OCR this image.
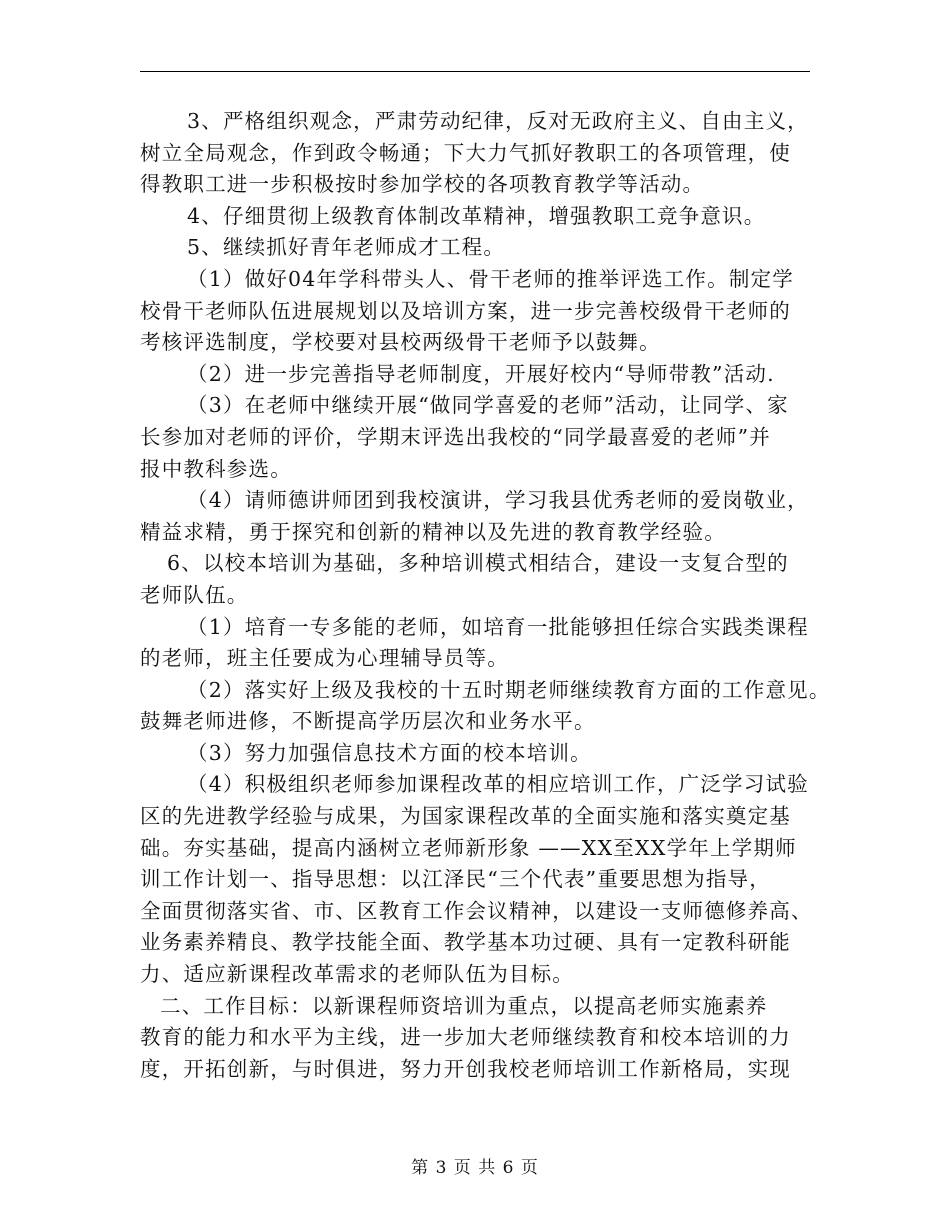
3、严格组织观念，严肃劳动纪律，反对无政府主义、自由主义，
树立全局观念，作到政令畅通；下大力气抓好教职工的各项管理，使
得教职工进一步积极按时参加学校的各项教育教学等活动。
4、仔细贯彻上级教育体制改革精神，增强教职工竞争意识。
5、继续抓好青年老师成才工程。
（1）做好04年学科带头人、骨干老师的推举评选工作。制定学
校骨干老师队伍进展规划以及培训方案，进一步完善校级骨干老师的
考核评选制度，学校要对县校两级骨干老师予以鼓舞。
（2）进一步完善指导老师制度，开展好校内“导师带教”活动.
（3）在老师中继续开展“做同学喜爱的老师”活动，让同学、家
长参加对老师的评价，学期末评选出我校的“同学最喜爱的老师”并
报中教科参选。
（4）请师德讲师团到我校演讲，学习我县优秀老师的爱岗敬业，
精益求精，勇于探究和创新的精神以及先进的教育教学经验。
6、以校本培训为基础，多种培训模式相结合，建设一支复合型的
老师队伍。
（1）培育一专多能的老师，如培育一批能够担任综合实践类课程
的老师，班主任要成为心理辅导员等。
（2）落实好上级及我校的十五时期老师继续教育方面的工作意见。
鼓舞老师进修，不断提高学历层次和业务水平。
（3）努力加强信息技术方面的校本培训。
（4）积极组织老师参加课程改革的相应培训工作，广泛学习试验
区的先进教学经验与成果，为国家课程改革的全面实施和落实奠定基
础。夯实基础，提高内涵树立老师新形象 ——XX至XX学年上学期师
训工作计划一、指导思想：以江泽民“三个代表”重要思想为指导，
全面贯彻落实省、市、区教育工作会议精神，以建设一支师德修养高、
业务素养精良、教学技能全面、教学基本功过硬、具有一定教科研能
力、适应新课程改革需求的老师队伍为目标。
二、工作目标：以新课程师资培训为重点，以提高老师实施素养
教育的能力和水平为主线，进一步加大老师继续教育和校本培训的力
度，开拓创新，与时俱进，努力开创我校老师培训工作新格局，实现
第 3 页 共 6 页
